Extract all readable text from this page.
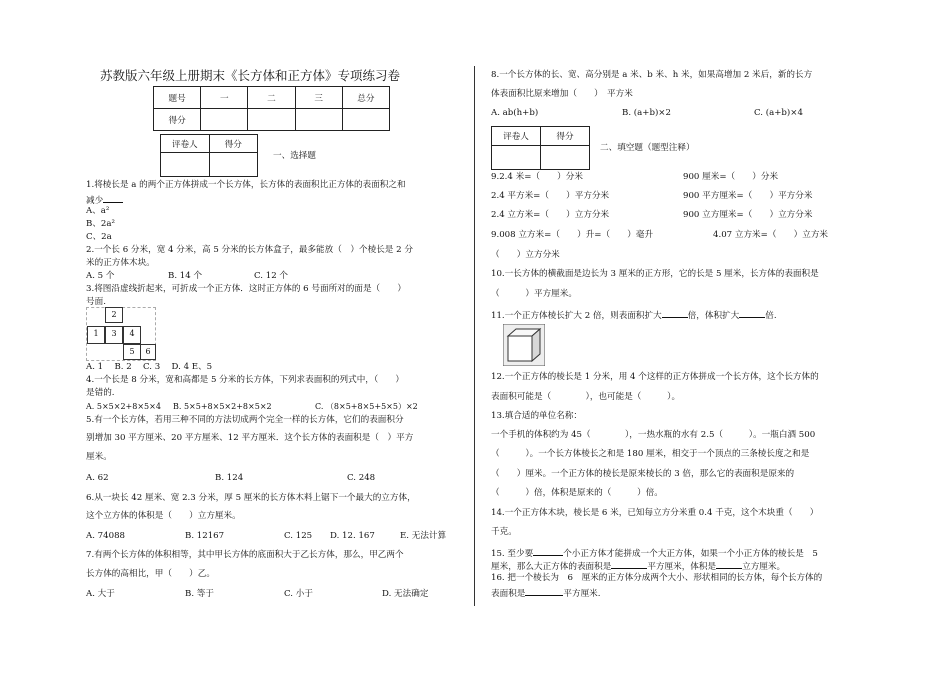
苏教版六年级上册期末《长方体和正方体》专项练习卷
题号	一	二	三	总分
得分				
评卷人	得分

一、选择题
1.将棱长是 a 的两个正方体拼成一个长方体，长方体的表面积比正方体的表面积之和
减少
A、a²
B、2a²
C、2a
2.一个长 6 分米，宽 4 分米，高 5 分米的长方体盒子，最多能放（　）个棱长是 2 分
米的正方体木块。
A. 5 个	B. 14 个	C. 12 个
3.将图沿虚线折起来，可折成一个正方体．这时正方体的 6 号面所对的面是（　　）
号面.
2
1	3	4
5	6
A. 1　 B. 2　 C. 3　 D. 4 E、5
4.一个长是 8 分米，宽和高都是 5 分米的长方体，下列求表面积的列式中，（　　）
是错的.
A. 5×5×2+8×5×4 B. 5×5+8×5×2+8×5×2	C. （8×5+8×5+5×5）×2
5.有一个长方体，若用三种不同的方法切成两个完全一样的长方体，它们的表面积分
别增加 30 平方厘米、20 平方厘米、12 平方厘米．这个长方体的表面积是（　）平方
厘米。
A. 62	B. 124	C. 248
6.从一块长 42 厘米、宽 2.3 分米，厚 5 厘米的长方体木料上锯下一个最大的立方体，
这个立方体的体积是（　　）立方厘米。
A. 74088	B. 12167	C. 125 D. 12. 167	E. 无法计算
7.有两个长方体的体积相等，其中甲长方体的底面积大于乙长方体，那么，甲乙两个
长方体的高相比，甲（　　）乙。
A. 大于	B. 等于	C. 小于	D. 无法确定
8.一个长方体的长、宽、高分别是 a 米、b 米、h 米，如果高增加 2 米后，新的长方
体表面积比原来增加（　　）　平方米
A. ab(h+b)	B. (a+b)×2	C. (a+b)×4
评卷人	得分

二、填空题（题型注释）
9.2.4 米=（　　）分米	900 厘米=（　　）分米
2.4 平方米=（　　）平方分米	900 平方厘米=（　　）平方分米
2.4 立方米=（　　）立方分米	900 立方厘米=（　　）立方分米
9.008 立方米=（　　）升=（　　）毫升	4.07 立方米=（　　）立方米
（　　）立方分米
10.一长方体的横截面是边长为 3 厘米的正方形，它的长是 5 厘米，长方体的表面积是
（　　　）平方厘米。
11.一个正方体棱长扩大 2 倍，则表面积扩大	倍，体积扩大	倍.
12.一个正方体的棱长是 1 分米，用 4 个这样的正方体拼成一个长方体，这个长方体的
表面积可能是（　　　　），也可能是（　　　）。
13.填合适的单位名称：
一个手机的体积约为 45（　　　　），一热水瓶的水有 2.5（　　　）。一瓶白酒 500
（　　　）。一个长方体棱长之和是 180 厘米，相交于一个顶点的三条棱长度之和是
（　　）厘米。一个正方体的棱长是原来棱长的 3 倍，那么它的表面积是原来的
（　　　）倍，体积是原来的（　　　）倍。
14.一个正方体木块，棱长是 6 米，已知每立方分米重 0.4 千克，这个木块重（　　）
千克。
15. 至少要	个小正方体才能拼成一个大正方体，如果一个小正方体的棱长是　5
厘米，那么大正方体的表面积是	平方厘米，体积是	立方厘米。
16. 把一个棱长为　6　厘米的正方体分成两个大小、形状相同的长方体，每个长方体的
表面积是	平方厘米.
